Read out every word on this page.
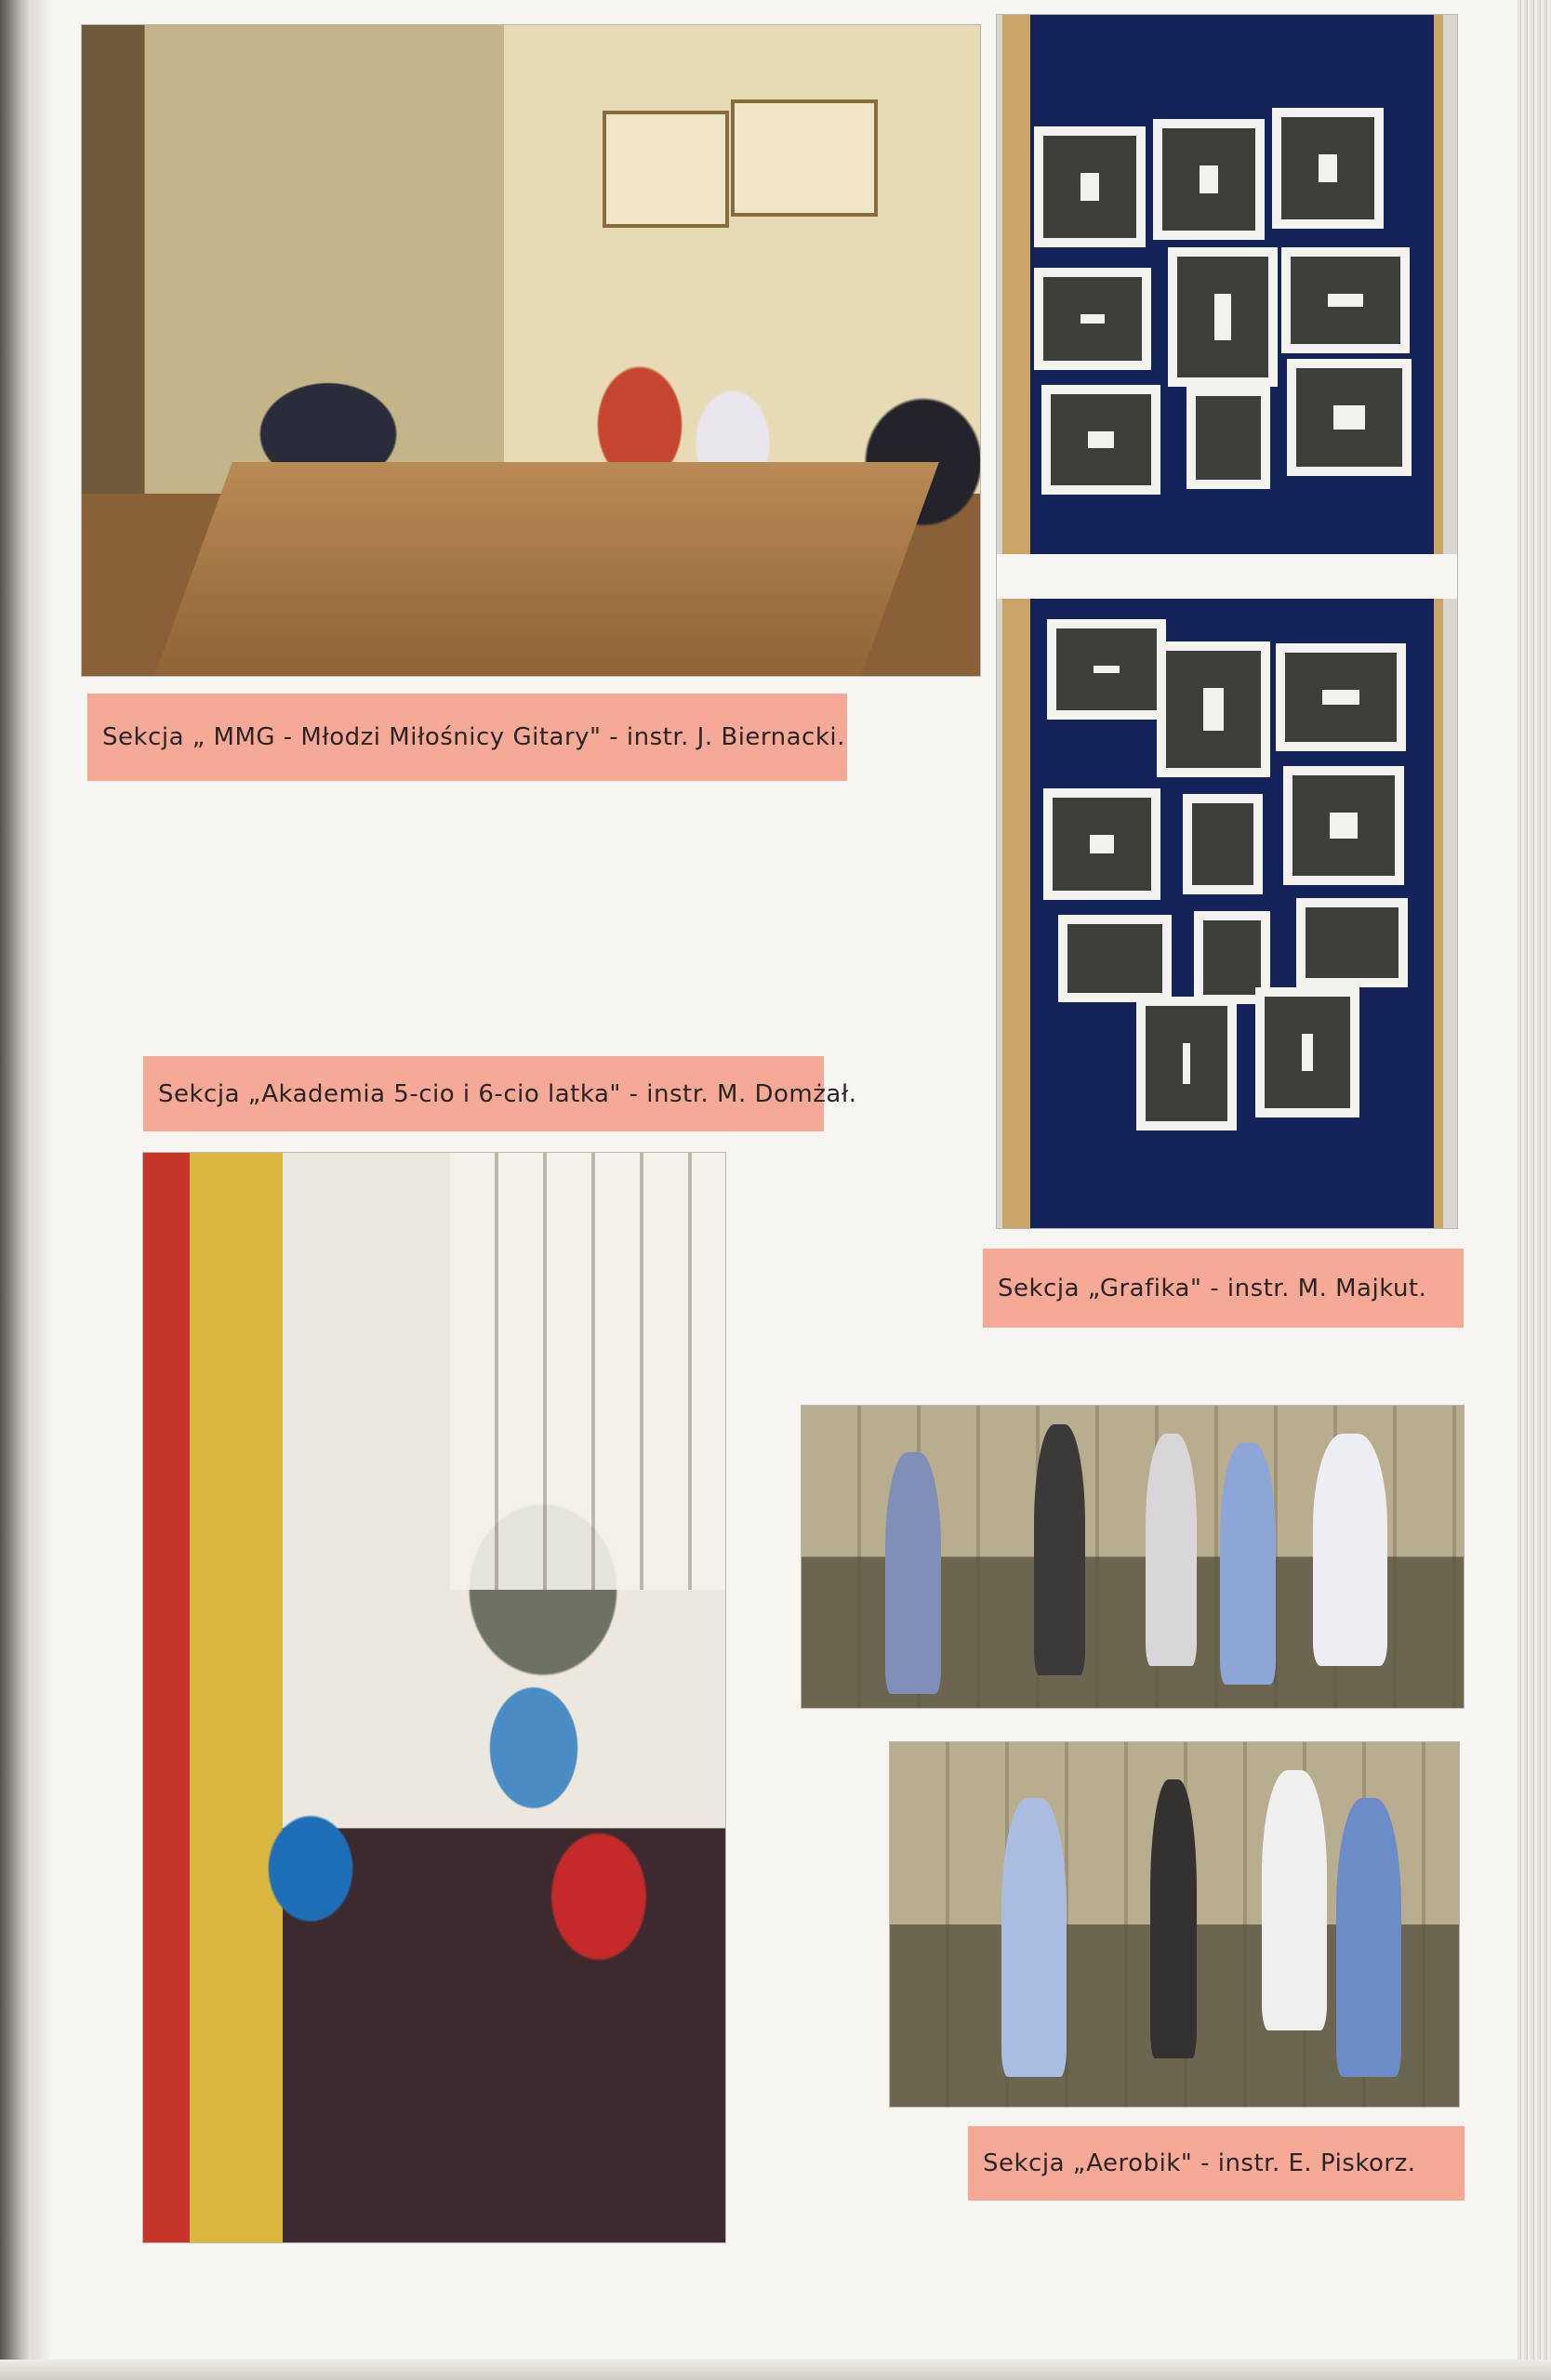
Sekcja „ MMG - Młodzi Miłośnicy Gitary" - instr. J. Biernacki.
Sekcja „Grafika" - instr. M. Majkut.
Sekcja „Akademia 5-cio i 6-cio latka" - instr. M. Domżał.
Sekcja „Aerobik" - instr. E. Piskorz.
